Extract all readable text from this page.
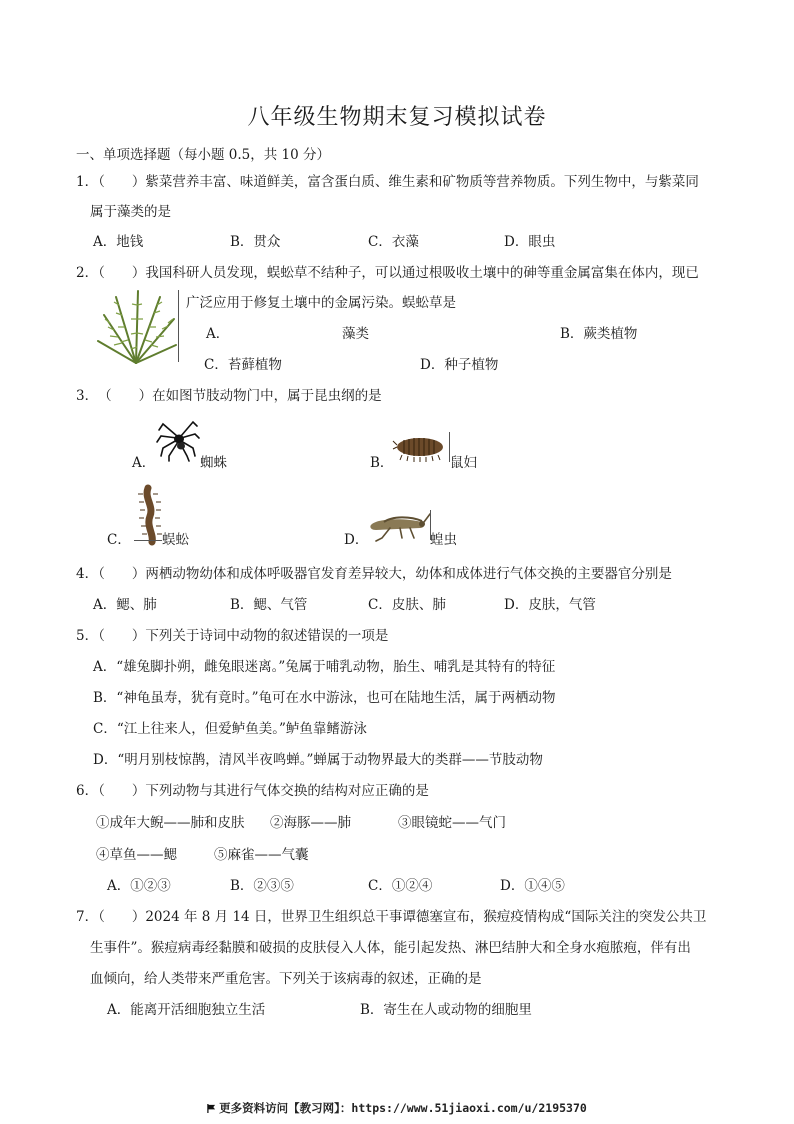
八年级生物期末复习模拟试卷
一、单项选择题（每小题 0.5，共 10 分）
1．（　　）紫菜营养丰富、味道鲜美，富含蛋白质、维生素和矿物质等营养物质。下列生物中，与紫菜同
属于藻类的是
A．地钱	B．贯众	C．衣藻	D．眼虫
2．（　　）我国科研人员发现，蜈蚣草不结种子，可以通过根吸收土壤中的砷等重金属富集在体内，现已
广泛应用于修复土壤中的金属污染。蜈蚣草是
A．	藻类	B．蕨类植物
C．苔藓植物	D．种子植物
3．　（　　）在如图节肢动物门中，属于昆虫纲的是
A．	蜘蛛	B．	鼠妇
C． 蜈蚣	D．	蝗虫
4．（　　）两栖动物幼体和成体呼吸器官发育差异较大，幼体和成体进行气体交换的主要器官分别是
A．鳃、肺	B．鳃、气管	C．皮肤、肺	D．皮肤，气管
5．（　　）下列关于诗词中动物的叙述错误的一项是
A．“雄兔脚扑朔，雌兔眼迷离。”兔属于哺乳动物，胎生、哺乳是其特有的特征
B．“神龟虽寿，犹有竟时。”龟可在水中游泳，也可在陆地生活，属于两栖动物
C．“江上往来人，但爱鲈鱼美。”鲈鱼靠鳍游泳
D．“明月别枝惊鹊，清风半夜鸣蝉。”蝉属于动物界最大的类群——节肢动物
6．（　　）下列动物与其进行气体交换的结构对应正确的是
①成年大鲵——肺和皮肤 ②海豚——肺	③眼镜蛇——气门
④草鱼——鳃	⑤麻雀——气囊
A．①②③	B．②③⑤	C．①②④	D．①④⑤
7．（　　）2024 年 8 月 14 日，世界卫生组织总干事谭德塞宣布，猴痘疫情构成“国际关注的突发公共卫
生事件”。猴痘病毒经黏膜和破损的皮肤侵入人体，能引起发热、淋巴结肿大和全身水疱脓疱，伴有出
血倾向，给人类带来严重危害。下列关于该病毒的叙述，正确的是
A．能离开活细胞独立生活	B．寄生在人或动物的细胞里
更多资料访问【教习网】：https://www.51jiaoxi.com/u/2195370
